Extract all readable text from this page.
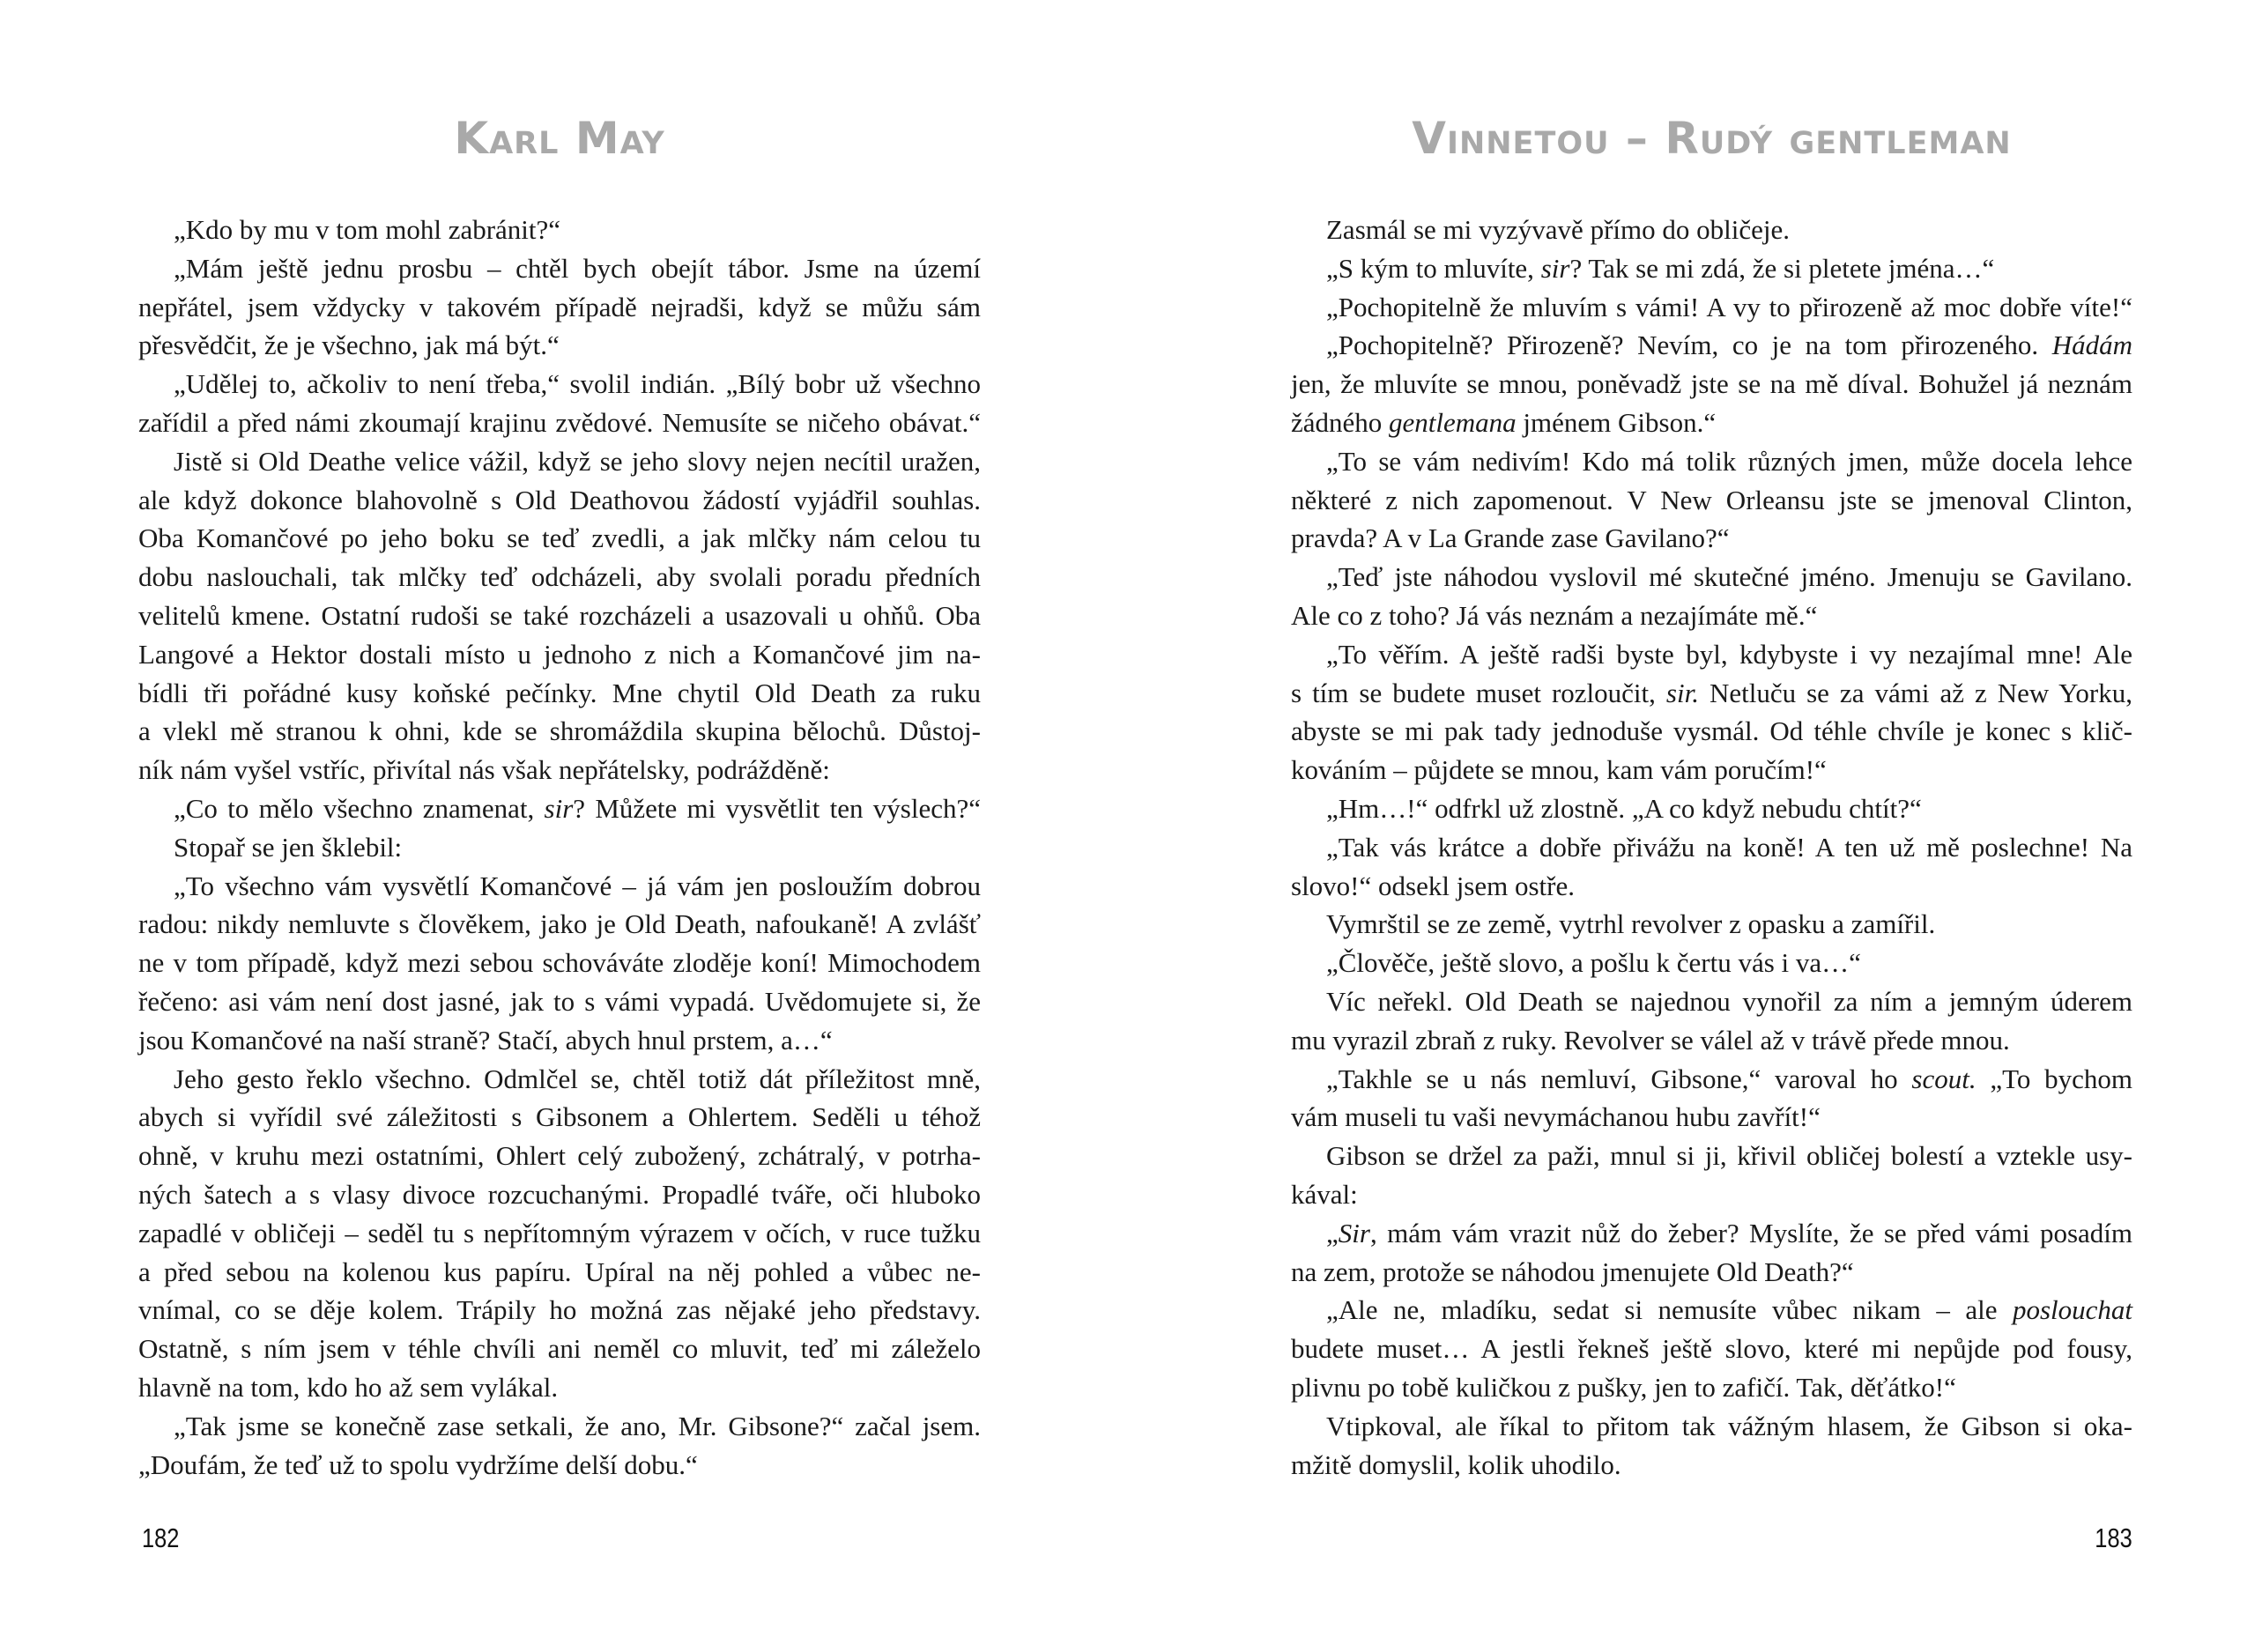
Karl May
„Kdo by mu v tom mohl zabránit?“
„Mám ještě jednu prosbu – chtěl bych obejít tábor. Jsme na území
nepřátel, jsem vždycky v takovém případě nejradši, když se můžu sám
přesvědčit, že je všechno, jak má být.“
„Udělej to, ačkoliv to není třeba,“ svolil indián. „Bílý bobr už všechno
zařídil a před námi zkoumají krajinu zvědové. Nemusíte se ničeho obávat.“
Jistě si Old Deathe velice vážil, když se jeho slovy nejen necítil uražen,
ale když dokonce blahovolně s Old Deathovou žádostí vyjádřil souhlas.
Oba Komančové po jeho boku se teď zvedli, a jak mlčky nám celou tu
dobu naslouchali, tak mlčky teď odcházeli, aby svolali poradu předních
velitelů kmene. Ostatní rudoši se také rozcházeli a usazovali u ohňů. Oba
Langové a Hektor dostali místo u jednoho z nich a Komančové jim na-
bídli tři pořádné kusy koňské pečínky. Mne chytil Old Death za ruku
a vlekl mě stranou k ohni, kde se shromáždila skupina bělochů. Důstoj-
ník nám vyšel vstříc, přivítal nás však nepřátelsky, podrážděně:
„Co to mělo všechno znamenat, sir? Můžete mi vysvětlit ten výslech?“
Stopař se jen šklebil:
„To všechno vám vysvětlí Komančové – já vám jen posloužím dobrou
radou: nikdy nemluvte s člověkem, jako je Old Death, nafoukaně! A zvlášť
ne v tom případě, když mezi sebou schováváte zloděje koní! Mimochodem
řečeno: asi vám není dost jasné, jak to s vámi vypadá. Uvědomujete si, že
jsou Komančové na naší straně? Stačí, abych hnul prstem, a…“
Jeho gesto řeklo všechno. Odmlčel se, chtěl totiž dát příležitost mně,
abych si vyřídil své záležitosti s Gibsonem a Ohlertem. Seděli u téhož
ohně, v kruhu mezi ostatními, Ohlert celý zubožený, zchátralý, v potrha-
ných šatech a s vlasy divoce rozcuchanými. Propadlé tváře, oči hluboko
zapadlé v obličeji – seděl tu s nepřítomným výrazem v očích, v ruce tužku
a před sebou na kolenou kus papíru. Upíral na něj pohled a vůbec ne-
vnímal, co se děje kolem. Trápily ho možná zas nějaké jeho představy.
Ostatně, s ním jsem v téhle chvíli ani neměl co mluvit, teď mi záleželo
hlavně na tom, kdo ho až sem vylákal.
„Tak jsme se konečně zase setkali, že ano, Mr. Gibsone?“ začal jsem.
„Doufám, že teď už to spolu vydržíme delší dobu.“
182
Vinnetou – Rudý gentleman
Zasmál se mi vyzývavě přímo do obličeje.
„S kým to mluvíte, sir? Tak se mi zdá, že si pletete jména…“
„Pochopitelně že mluvím s vámi! A vy to přirozeně až moc dobře víte!“
„Pochopitelně? Přirozeně? Nevím, co je na tom přirozeného. Hádám
jen, že mluvíte se mnou, poněvadž jste se na mě díval. Bohužel já neznám
žádného gentlemana jménem Gibson.“
„To se vám nedivím! Kdo má tolik různých jmen, může docela lehce
některé z nich zapomenout. V New Orleansu jste se jmenoval Clinton,
pravda? A v La Grande zase Gavilano?“
„Teď jste náhodou vyslovil mé skutečné jméno. Jmenuju se Gavilano.
Ale co z toho? Já vás neznám a nezajímáte mě.“
„To věřím. A ještě radši byste byl, kdybyste i vy nezajímal mne! Ale
s tím se budete muset rozloučit, sir. Netluču se za vámi až z New Yorku,
abyste se mi pak tady jednoduše vysmál. Od téhle chvíle je konec s klič-
kováním – půjdete se mnou, kam vám poručím!“
„Hm…!“ odfrkl už zlostně. „A co když nebudu chtít?“
„Tak vás krátce a dobře přivážu na koně! A ten už mě poslechne! Na
slovo!“ odsekl jsem ostře.
Vymrštil se ze země, vytrhl revolver z opasku a zamířil.
„Člověče, ještě slovo, a pošlu k čertu vás i va…“
Víc neřekl. Old Death se najednou vynořil za ním a jemným úderem
mu vyrazil zbraň z ruky. Revolver se válel až v trávě přede mnou.
„Takhle se u nás nemluví, Gibsone,“ varoval ho scout. „To bychom
vám museli tu vaši nevymáchanou hubu zavřít!“
Gibson se držel za paži, mnul si ji, křivil obličej bolestí a vztekle usy-
kával:
„Sir, mám vám vrazit nůž do žeber? Myslíte, že se před vámi posadím
na zem, protože se náhodou jmenujete Old Death?“
„Ale ne, mladíku, sedat si nemusíte vůbec nikam – ale poslouchat
budete muset… A jestli řekneš ještě slovo, které mi nepůjde pod fousy,
plivnu po tobě kuličkou z pušky, jen to zafičí. Tak, děťátko!“
Vtipkoval, ale říkal to přitom tak vážným hlasem, že Gibson si oka-
mžitě domyslil, kolik uhodilo.
183
